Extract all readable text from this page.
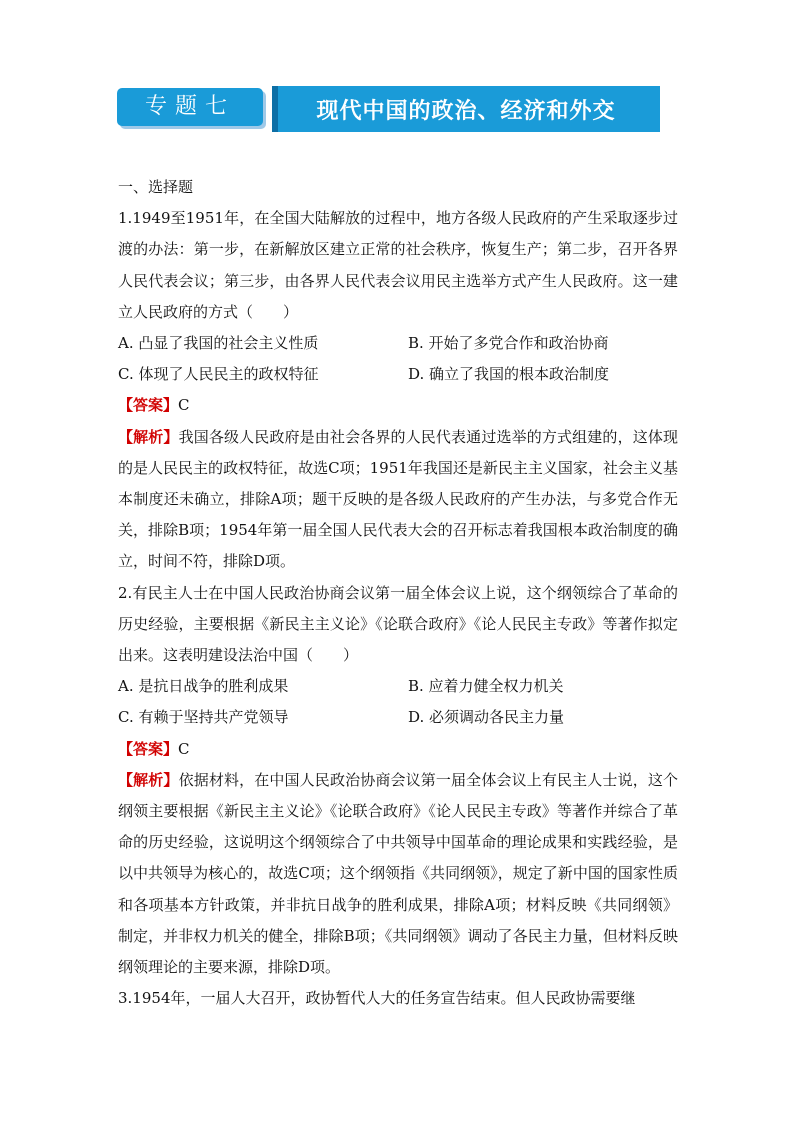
专题七	现代中国的政治、经济和外交

一、选择题

1.1949至1951年，在全国大陆解放的过程中，地方各级人民政府的产生采取逐步过渡的办法：第一步，在新解放区建立正常的社会秩序，恢复生产；第二步，召开各界人民代表会议；第三步，由各界人民代表会议用民主选举方式产生人民政府。这一建立人民政府的方式（　　）

A. 凸显了我国的社会主义性质	B. 开始了多党合作和政治协商
C. 体现了人民民主的政权特征	D. 确立了我国的根本政治制度

【答案】C

【解析】我国各级人民政府是由社会各界的人民代表通过选举的方式组建的，这体现的是人民民主的政权特征，故选C项；1951年我国还是新民主主义国家，社会主义基本制度还未确立，排除A项；题干反映的是各级人民政府的产生办法，与多党合作无关，排除B项；1954年第一届全国人民代表大会的召开标志着我国根本政治制度的确立，时间不符，排除D项。

2.有民主人士在中国人民政治协商会议第一届全体会议上说，这个纲领综合了革命的历史经验，主要根据《新民主主义论》《论联合政府》《论人民民主专政》等著作拟定出来。这表明建设法治中国（　　）

A. 是抗日战争的胜利成果	B. 应着力健全权力机关
C. 有赖于坚持共产党领导	D. 必须调动各民主力量

【答案】C

【解析】依据材料，在中国人民政治协商会议第一届全体会议上有民主人士说，这个纲领主要根据《新民主主义论》《论联合政府》《论人民民主专政》等著作并综合了革命的历史经验，这说明这个纲领综合了中共领导中国革命的理论成果和实践经验，是以中共领导为核心的，故选C项；这个纲领指《共同纲领》，规定了新中国的国家性质和各项基本方针政策，并非抗日战争的胜利成果，排除A项；材料反映《共同纲领》制定，并非权力机关的健全，排除B项；《共同纲领》调动了各民主力量，但材料反映纲领理论的主要来源，排除D项。

3.1954年，一届人大召开，政协暂代人大的任务宣告结束。但人民政协需要继
